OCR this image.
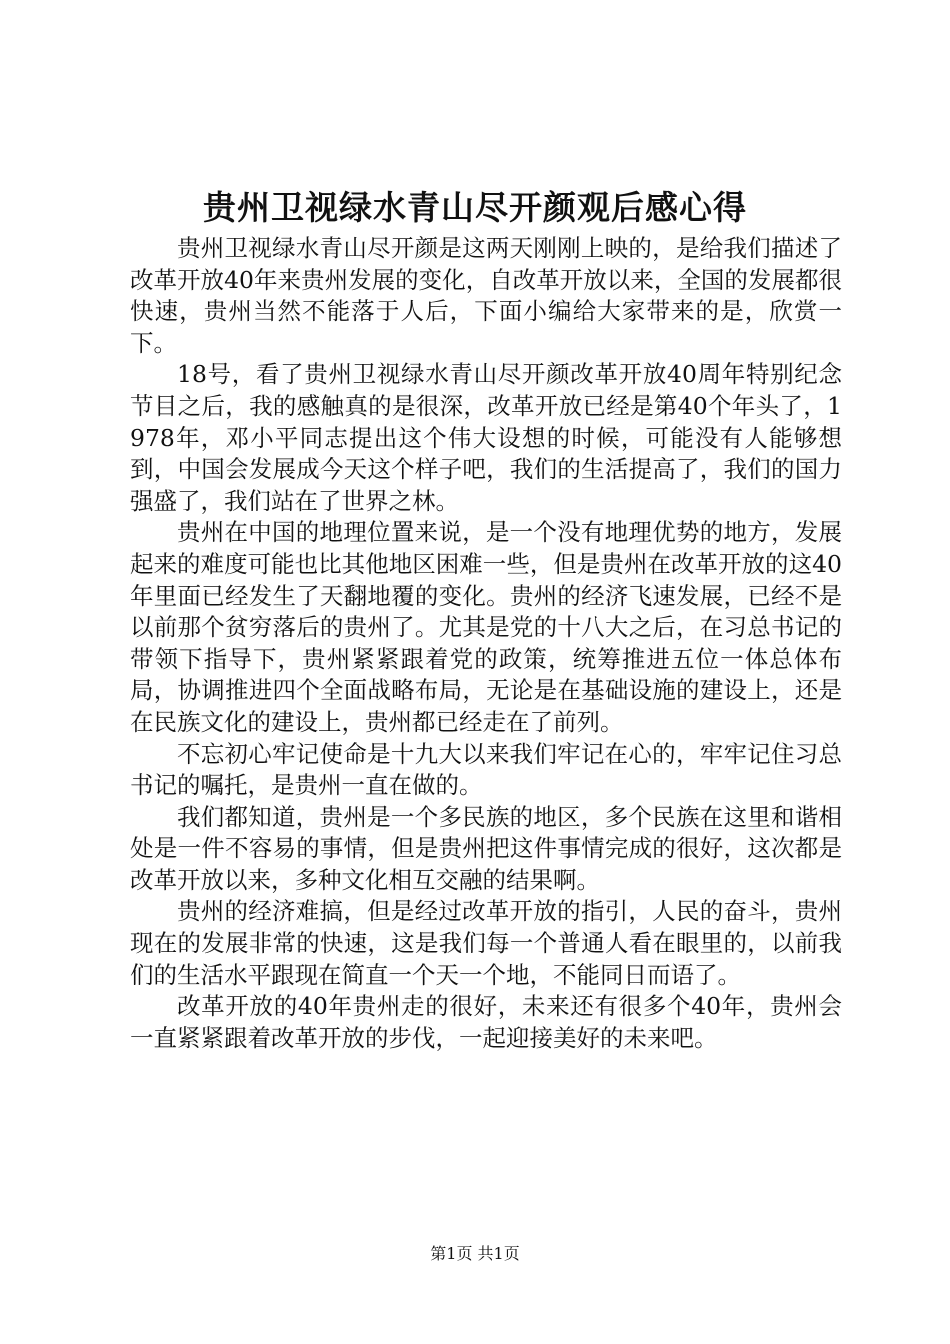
贵州卫视绿水青山尽开颜观后感心得

贵州卫视绿水青山尽开颜是这两天刚刚上映的，是给我们描述了改革开放40年来贵州发展的变化，自改革开放以来，全国的发展都很快速，贵州当然不能落于人后，下面小编给大家带来的是，欣赏一下。

18号，看了贵州卫视绿水青山尽开颜改革开放40周年特别纪念节目之后，我的感触真的是很深，改革开放已经是第40个年头了，1978年，邓小平同志提出这个伟大设想的时候，可能没有人能够想到，中国会发展成今天这个样子吧，我们的生活提高了，我们的国力强盛了，我们站在了世界之林。

贵州在中国的地理位置来说，是一个没有地理优势的地方，发展起来的难度可能也比其他地区困难一些，但是贵州在改革开放的这40年里面已经发生了天翻地覆的变化。贵州的经济飞速发展，已经不是以前那个贫穷落后的贵州了。尤其是党的十八大之后，在习总书记的带领下指导下，贵州紧紧跟着党的政策，统筹推进五位一体总体布局，协调推进四个全面战略布局，无论是在基础设施的建设上，还是在民族文化的建设上，贵州都已经走在了前列。

不忘初心牢记使命是十九大以来我们牢记在心的，牢牢记住习总书记的嘱托，是贵州一直在做的。

我们都知道，贵州是一个多民族的地区，多个民族在这里和谐相处是一件不容易的事情，但是贵州把这件事情完成的很好，这次都是改革开放以来，多种文化相互交融的结果啊。

贵州的经济难搞，但是经过改革开放的指引，人民的奋斗，贵州现在的发展非常的快速，这是我们每一个普通人看在眼里的，以前我们的生活水平跟现在简直一个天一个地，不能同日而语了。

改革开放的40年贵州走的很好，未来还有很多个40年，贵州会一直紧紧跟着改革开放的步伐，一起迎接美好的未来吧。

第1页 共1页
